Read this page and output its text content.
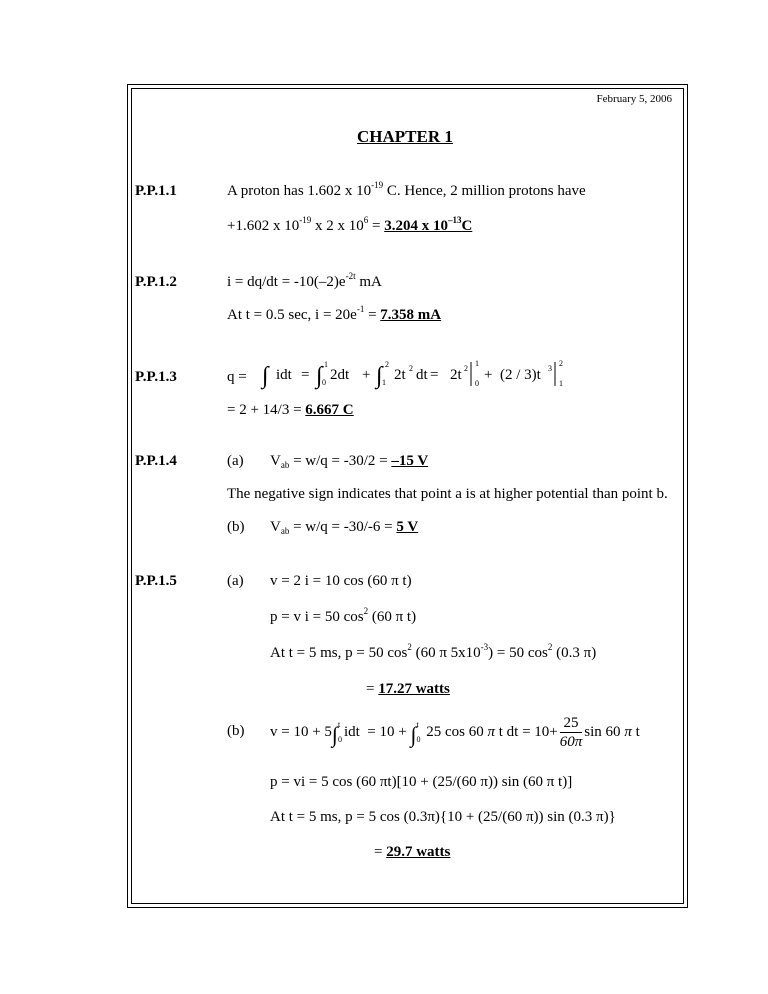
February 5, 2006
CHAPTER 1
P.P.1.1	A proton has 1.602 x $10^{-19}$ C. Hence, 2 million protons have
+1.602 x $10^{-19}$ x 2 x $10^6 = 3.204$ x $10^{-13}C$
P.P.1.2	$i = dq/dt = -10(-2)e^{-2t}$ mA
At t = 0.5 sec, $i = 20e^{-1} = 7.358$ mA
P.P.1.3	q = ∫ idt = ∫ 1
0 2dt + ∫ 2
1 2t 2 dt = 2t 2
1
0
+ (2 / 3)t 3
2
1
= 2 + 14/3 = 6.667 C
P.P.1.4	(a) $V_{ab} = w/q = -30/2 = -15$ V
The negative sign indicates that point a is at higher potential than point b.
(b) $V_{ab} = w/q = -30/-6 = 5$ V
P.P.1.5	(a) v = 2 i = 10 cos (60 π t)
p = v i = 50 $\cos^2 (60$ π t)
At t = 5 ms, p = 50 $\cos^2 (60$ π $5x10^{-3}) = 50$ $\cos^2 (0.3$ π)
= 17.27 watts
(b) v = 10 + 5 ∫ t
0 idt = 10 + ∫ t
0 25 cos 60 π t dt = $10+ \frac{25}{60\pi}$ sin 60 π t
p = vi = 5 cos (60 πt)[10 + (25/(60 π)) sin (60 π t)]
At t = 5 ms, p = 5 cos (0.3π){10 + (25/(60 π)) sin (0.3 π)}
= 29.7 watts
